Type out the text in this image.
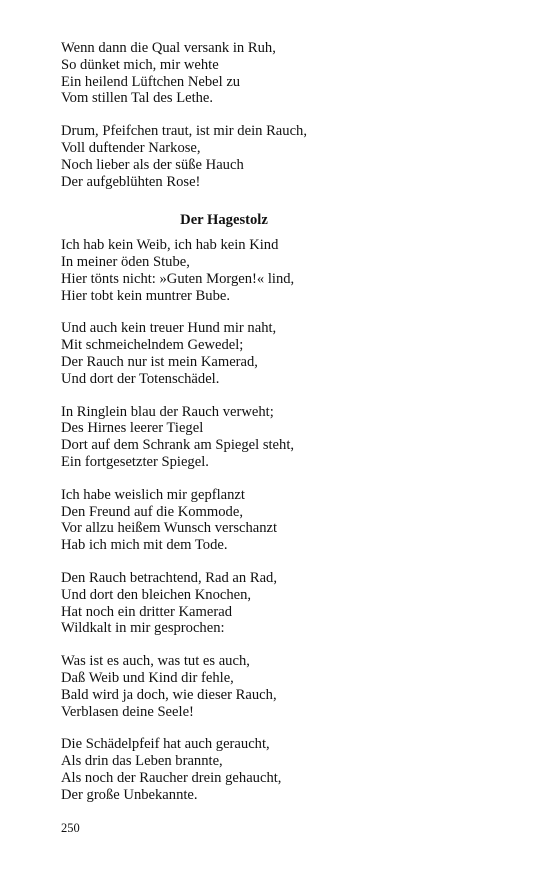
Wenn dann die Qual versank in Ruh,
So dünket mich, mir wehte
Ein heilend Lüftchen Nebel zu
Vom stillen Tal des Lethe.
Drum, Pfeifchen traut, ist mir dein Rauch,
Voll duftender Narkose,
Noch lieber als der süße Hauch
Der aufgeblühten Rose!
Der Hagestolz
Ich hab kein Weib, ich hab kein Kind
In meiner öden Stube,
Hier tönts nicht: »Guten Morgen!« lind,
Hier tobt kein muntrer Bube.
Und auch kein treuer Hund mir naht,
Mit schmeichelndem Gewedel;
Der Rauch nur ist mein Kamerad,
Und dort der Totenschädel.
In Ringlein blau der Rauch verweht;
Des Hirnes leerer Tiegel
Dort auf dem Schrank am Spiegel steht,
Ein fortgesetzter Spiegel.
Ich habe weislich mir gepflanzt
Den Freund auf die Kommode,
Vor allzu heißem Wunsch verschanzt
Hab ich mich mit dem Tode.
Den Rauch betrachtend, Rad an Rad,
Und dort den bleichen Knochen,
Hat noch ein dritter Kamerad
Wildkalt in mir gesprochen:
Was ist es auch, was tut es auch,
Daß Weib und Kind dir fehle,
Bald wird ja doch, wie dieser Rauch,
Verblasen deine Seele!
Die Schädelpfeif hat auch geraucht,
Als drin das Leben brannte,
Als noch der Raucher drein gehaucht,
Der große Unbekannte.
250
